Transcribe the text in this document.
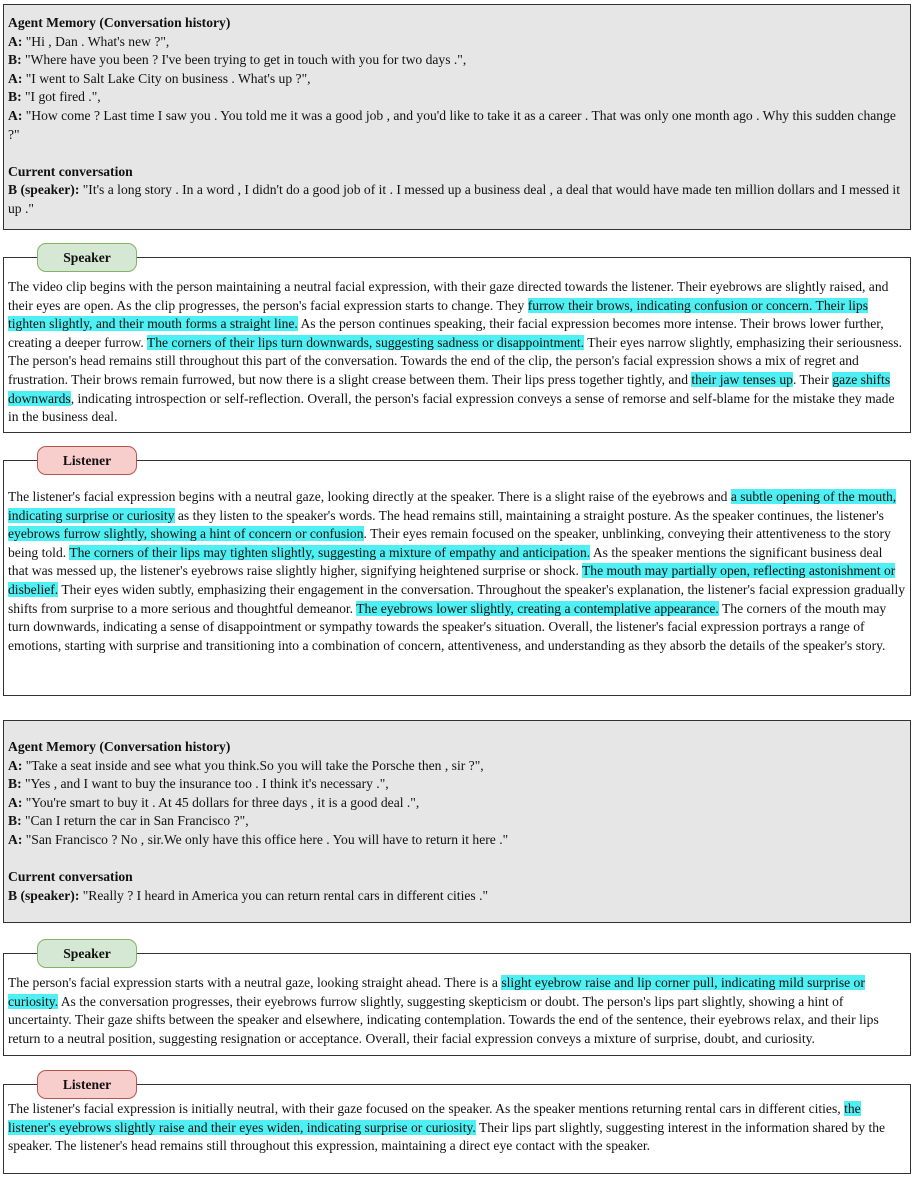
Agent Memory (Conversation history)
A: "Hi , Dan . What's new ?",
B: "Where have you been ? I've been trying to get in touch with you for two days .",
A: "I went to Salt Lake City on business . What's up ?",
B: "I got fired .",
A: "How come ? Last time I saw you . You told me it was a good job , and you'd like to take it as a career . That was only one month ago . Why this sudden change ?"
Current conversation
B (speaker): "It's a long story . In a word , I didn't do a good job of it . I messed up a business deal , a deal that would have made ten million dollars and I messed it up ."
The video clip begins with the person maintaining a neutral facial expression, with their gaze directed towards the listener. Their eyebrows are slightly raised, and their eyes are open. As the clip progresses, the person's facial expression starts to change. They furrow their brows, indicating confusion or concern. Their lips tighten slightly, and their mouth forms a straight line. As the person continues speaking, their facial expression becomes more intense. Their brows lower further, creating a deeper furrow. The corners of their lips turn downwards, suggesting sadness or disappointment. Their eyes narrow slightly, emphasizing their seriousness. The person's head remains still throughout this part of the conversation. Towards the end of the clip, the person's facial expression shows a mix of regret and frustration. Their brows remain furrowed, but now there is a slight crease between them. Their lips press together tightly, and their jaw tenses up. Their gaze shifts downwards, indicating introspection or self-reflection. Overall, the person's facial expression conveys a sense of remorse and self-blame for the mistake they made in the business deal.
Speaker
The listener's facial expression begins with a neutral gaze, looking directly at the speaker. There is a slight raise of the eyebrows and a subtle opening of the mouth, indicating surprise or curiosity as they listen to the speaker's words. The head remains still, maintaining a straight posture. As the speaker continues, the listener's eyebrows furrow slightly, showing a hint of concern or confusion. Their eyes remain focused on the speaker, unblinking, conveying their attentiveness to the story being told. The corners of their lips may tighten slightly, suggesting a mixture of empathy and anticipation. As the speaker mentions the significant business deal that was messed up, the listener's eyebrows raise slightly higher, signifying heightened surprise or shock. The mouth may partially open, reflecting astonishment or disbelief. Their eyes widen subtly, emphasizing their engagement in the conversation. Throughout the speaker's explanation, the listener's facial expression gradually shifts from surprise to a more serious and thoughtful demeanor. The eyebrows lower slightly, creating a contemplative appearance. The corners of the mouth may turn downwards, indicating a sense of disappointment or sympathy towards the speaker's situation. Overall, the listener's facial expression portrays a range of emotions, starting with surprise and transitioning into a combination of concern, attentiveness, and understanding as they absorb the details of the speaker's story.
Listener
Agent Memory (Conversation history)
A: "Take a seat inside and see what you think.So you will take the Porsche then , sir ?",
B: "Yes , and I want to buy the insurance too . I think it's necessary .",
A: "You're smart to buy it . At 45 dollars for three days , it is a good deal .",
B: "Can I return the car in San Francisco ?",
A: "San Francisco ? No , sir.We only have this office here . You will have to return it here ."
Current conversation
B (speaker): "Really ? I heard in America you can return rental cars in different cities ."
The person's facial expression starts with a neutral gaze, looking straight ahead. There is a slight eyebrow raise and lip corner pull, indicating mild surprise or curiosity. As the conversation progresses, their eyebrows furrow slightly, suggesting skepticism or doubt. The person's lips part slightly, showing a hint of uncertainty. Their gaze shifts between the speaker and elsewhere, indicating contemplation. Towards the end of the sentence, their eyebrows relax, and their lips return to a neutral position, suggesting resignation or acceptance. Overall, their facial expression conveys a mixture of surprise, doubt, and curiosity.
Speaker
The listener's facial expression is initially neutral, with their gaze focused on the speaker. As the speaker mentions returning rental cars in different cities, the listener's eyebrows slightly raise and their eyes widen, indicating surprise or curiosity. Their lips part slightly, suggesting interest in the information shared by the speaker. The listener's head remains still throughout this expression, maintaining a direct eye contact with the speaker.
Listener
